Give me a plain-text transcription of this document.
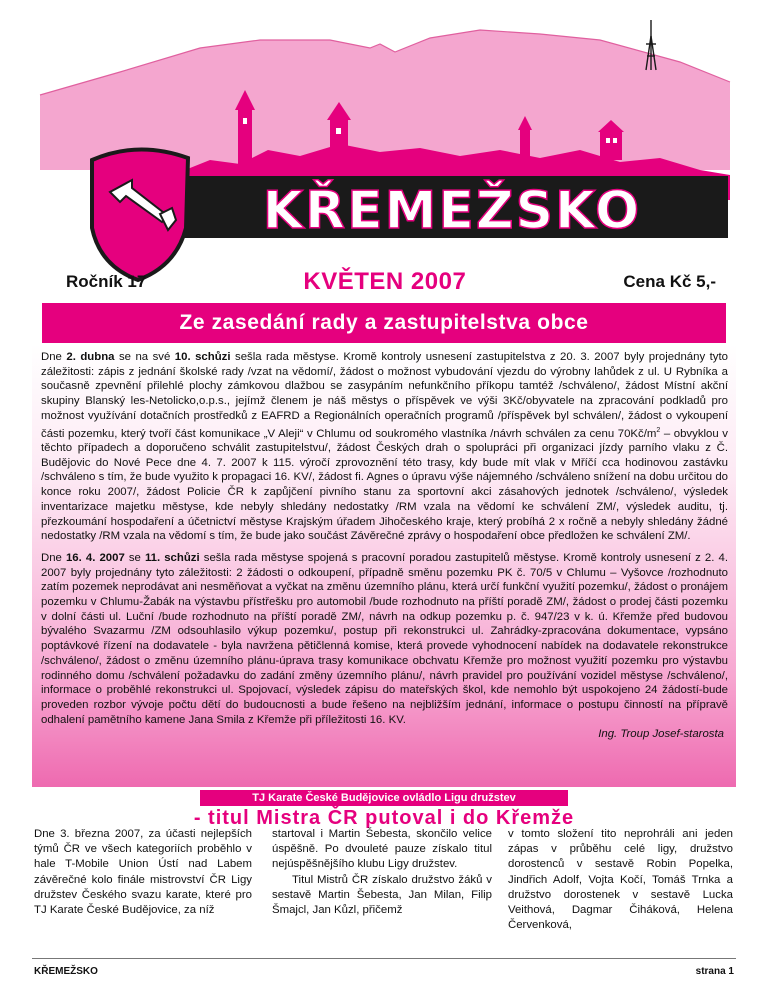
KŘEMEŽSKO
Ročník 17	KVĚTEN 2007	Cena Kč 5,-
Ze zasedání rady a zastupitelstva obce

Dne 2. dubna se na své 10. schůzi sešla rada městyse. Kromě kontroly usnesení zastupitelstva z 20. 3. 2007 byly projednány tyto záležitosti: zápis z jednání školské rady /vzat na vědomí/, žádost o možnost vybudování vjezdu do výrobny lahůdek z ul. U Rybníka a současně zpevnění přilehlé plochy zámkovou dlažbou se zasypáním nefunkčního příkopu tamtéž /schváleno/, žádost Místní akční skupiny Blanský les-Netolicko,o.p.s., jejímž členem je náš městys o příspěvek ve výši 3Kč/obyvatele na zpracování podkladů pro možnost využívání dotačních prostředků z EAFRD a Regionálních operačních programů /příspěvek byl schválen/, žádost o vykoupení části pozemku, který tvoří část komunikace „V Aleji“ v Chlumu od soukromého vlastníka /návrh schválen za cenu $70Kč/m^2$ – obvyklou v těchto případech a doporučeno schválit zastupitelstvu/, žádost Českých drah o spolupráci při organizaci jízdy parního vlaku z Č. Budějovic do Nové Pece dne 4. 7. 2007 k 115. výročí zprovoznění této trasy, kdy bude mít vlak v Mříčí cca hodinovou zastávku /schváleno s tím, že bude využito k propagaci 16. KV/, žádost fi. Agnes o úpravu výše nájemného /schváleno snížení na dobu určitou do konce roku 2007/, žádost Policie ČR k zapůjčení pivního stanu za sportovní akci zásahových jednotek /schváleno/, výsledek inventarizace majetku městyse, kde nebyly shledány nedostatky /RM vzala na vědomí ke schválení ZM/, výsledek auditu, tj. přezkoumání hospodaření a účetnictví městyse Krajským úřadem Jihočeského kraje, který probíhá 2 x ročně a nebyly shledány žádné nedostatky /RM vzala na vědomí s tím, že bude jako součást Závěrečné zprávy o hospodaření obce předložen ke schválení ZM/.

Dne 16. 4. 2007 se 11. schůzi sešla rada městyse spojená s pracovní poradou zastupitelů městyse. Kromě kontroly usnesení z 2. 4. 2007 byly projednány tyto záležitosti: 2 žádosti o odkoupení, případně směnu pozemku PK č. 70/5 v Chlumu – Vyšovce /rozhodnuto zatím pozemek neprodávat ani nesměňovat a vyčkat na změnu územního plánu, která určí funkční využití pozemku/, žádost o pronájem pozemku v Chlumu-Žabák na výstavbu přístřešku pro automobil /bude rozhodnuto na příští poradě ZM/, žádost o prodej části pozemku v dolní části ul. Luční /bude rozhodnuto na příští poradě ZM/, návrh na odkup pozemku p. č. 947/23 v k. ú. Křemže před budovou bývalého Svazarmu /ZM odsouhlasilo výkup pozemku/, postup při rekonstrukci ul. Zahrádky-zpracována dokumentace, vypsáno poptávkové řízení na dodavatele - byla navržena pětičlenná komise, která provede vyhodnocení nabídek na dodavatele rekonstrukce /schváleno/, žádost o změnu územního plánu-úprava trasy komunikace obchvatu Křemže pro možnost využití pozemku pro výstavbu rodinného domu /schválení požadavku do zadání změny územního plánu/, návrh pravidel pro používání vozidel městyse /schváleno/, informace o proběhlé rekonstrukci ul. Spojovací, výsledek zápisu do mateřských škol, kde nemohlo být uspokojeno 24 žádostí-bude proveden rozbor vývoje počtu dětí do budoucnosti a bude řešeno na nejbližším jednání, informace o postupu činností na přípravě odhalení pamětního kamene Jana Smila z Křemže při příležitosti 16. KV.

Ing. Troup Josef-starosta
TJ Karate České Budějovice ovládlo Ligu družstev
- titul Mistra ČR putoval i do Křemže

Dne 3. března 2007, za účasti nejlepších týmů ČR ve všech kategoriích proběhlo v hale T-Mobile Union Ústí nad Labem závěrečné kolo finále mistrovství ČR Ligy družstev Českého svazu karate, které pro TJ Karate České Budějovice, za níž

startoval i Martin Šebesta, skončilo velice úspěšně. Po dvouleté pauze získalo titul nejúspěšnějšího klubu Ligy družstev.

Titul Mistrů ČR získalo družstvo žáků v sestavě Martin Šebesta, Jan Milan, Filip Šmajcl, Jan Kůzl, přičemž

v tomto složení tito neprohráli ani jeden zápas v průběhu celé ligy, družstvo dorostenců v sestavě Robin Popelka, Jindřich Adolf, Vojta Kočí, Tomáš Trnka a družstvo dorostenek v sestavě Lucka Veithová, Dagmar Čiháková, Helena Červenková,

KŘEMEŽSKO	strana 1
